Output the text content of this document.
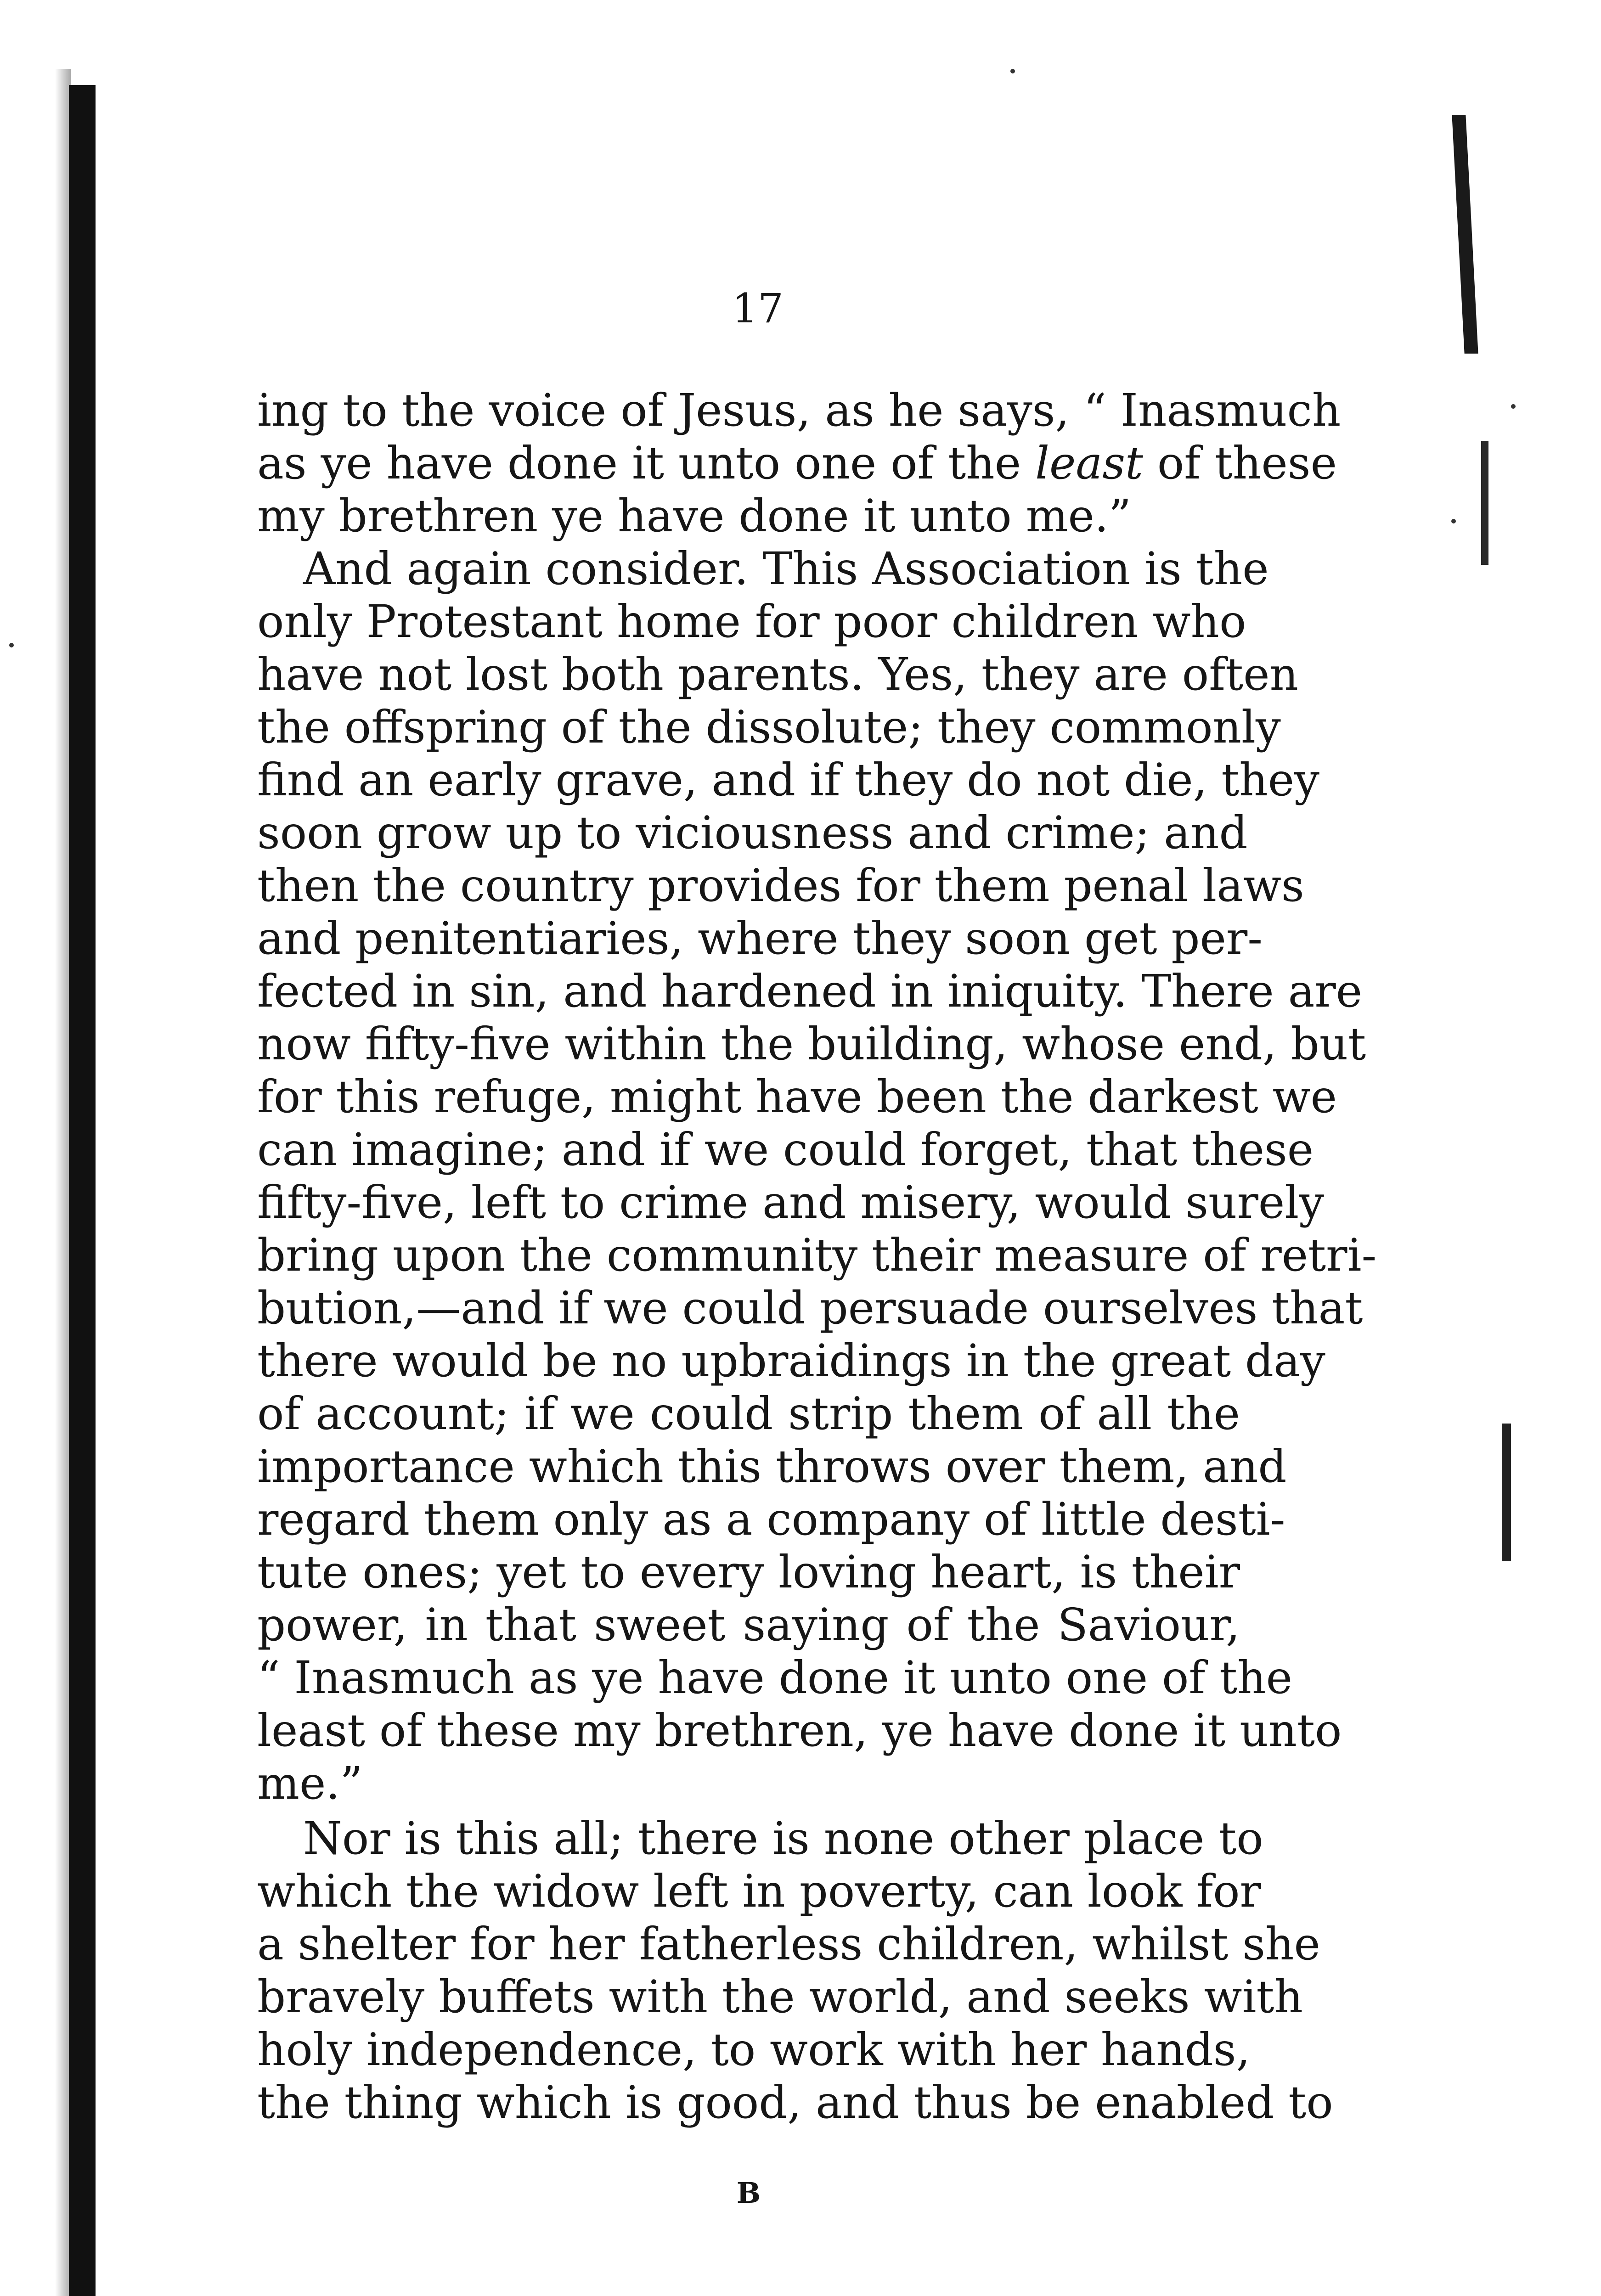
17
ing to the voice of Jesus, as he says, “ Inasmuch
as ye have done it unto one of the least of these
my brethren ye have done it unto me.”
And again consider. This Association is the
only Protestant home for poor children who
have not lost both parents. Yes, they are often
the offspring of the dissolute; they commonly
find an early grave, and if they do not die, they
soon grow up to viciousness and crime; and
then the country provides for them penal laws
and penitentiaries, where they soon get per-
fected in sin, and hardened in iniquity. There are
now fifty-five within the building, whose end, but
for this refuge, might have been the darkest we
can imagine; and if we could forget, that these
fifty-five, left to crime and misery, would surely
bring upon the community their measure of retri-
bution,—and if we could persuade ourselves that
there would be no upbraidings in the great day
of account; if we could strip them of all the
importance which this throws over them, and
regard them only as a company of little desti-
tute ones; yet to every loving heart, is their
power, in that sweet saying of the Saviour,
“ Inasmuch as ye have done it unto one of the
least of these my brethren, ye have done it unto
me.”
Nor is this all; there is none other place to
which the widow left in poverty, can look for
a shelter for her fatherless children, whilst she
bravely buffets with the world, and seeks with
holy independence, to work with her hands,
the thing which is good, and thus be enabled to
B
